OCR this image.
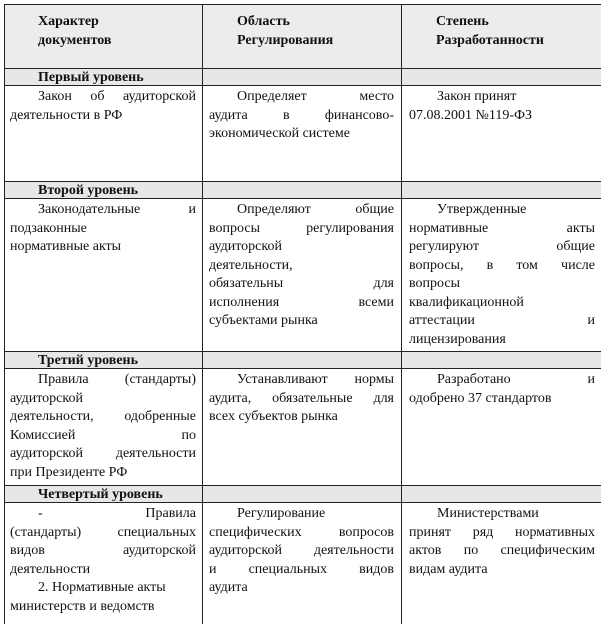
Характер
документов
Область
Регулирования
Степень
Разработанности
Первый уровень
Закон об аудиторской
деятельности в РФ
Определяет место
аудита в финансово-
экономической системе
Закон принят
07.08.2001 №119-ФЗ
Второй уровень
Законодательные и
подзаконные
нормативные акты
Определяют общие
вопросы регулирования
аудиторской
деятельности,
обязательны для
исполнения всеми
субъектами рынка
Утвержденные
нормативные акты
регулируют общие
вопросы, в том числе
вопросы
квалификационной
аттестации и
лицензирования
Третий уровень
Правила (стандарты)
аудиторской
деятельности, одобренные
Комиссией по
аудиторской деятельности
при Президенте РФ
Устанавливают нормы
аудита, обязательные для
всех субъектов рынка
Разработано и
одобрено 37 стандартов
Четвертый уровень
- Правила
(стандарты) специальных
видов аудиторской
деятельности
2. Нормативные акты
министерств и ведомств
Регулирование
специфических вопросов
аудиторской деятельности
и специальных видов
аудита
Министерствами
принят ряд нормативных
актов по специфическим
видам аудита
